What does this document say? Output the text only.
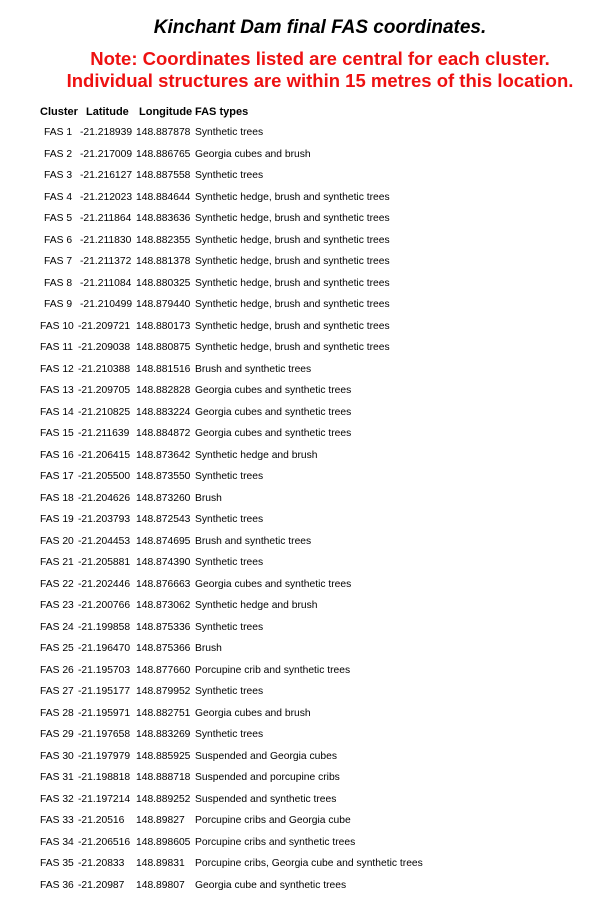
Kinchant Dam final FAS coordinates.
Note: Coordinates listed are central for each cluster.
Individual structures are within 15 metres of this location.
Cluster Latitude Longitude FAS types
FAS 1 -21.218939 148.887878 Synthetic trees
FAS 2 -21.217009 148.886765 Georgia cubes and brush
FAS 3 -21.216127 148.887558 Synthetic trees
FAS 4 -21.212023 148.884644 Synthetic hedge, brush and synthetic trees
FAS 5 -21.211864 148.883636 Synthetic hedge, brush and synthetic trees
FAS 6 -21.211830 148.882355 Synthetic hedge, brush and synthetic trees
FAS 7 -21.211372 148.881378 Synthetic hedge, brush and synthetic trees
FAS 8 -21.211084 148.880325 Synthetic hedge, brush and synthetic trees
FAS 9 -21.210499 148.879440 Synthetic hedge, brush and synthetic trees
FAS 10 -21.209721 148.880173 Synthetic hedge, brush and synthetic trees
FAS 11 -21.209038 148.880875 Synthetic hedge, brush and synthetic trees
FAS 12 -21.210388 148.881516 Brush and synthetic trees
FAS 13 -21.209705 148.882828 Georgia cubes and synthetic trees
FAS 14 -21.210825 148.883224 Georgia cubes and synthetic trees
FAS 15 -21.211639 148.884872 Georgia cubes and synthetic trees
FAS 16 -21.206415 148.873642 Synthetic hedge and brush
FAS 17 -21.205500 148.873550 Synthetic trees
FAS 18 -21.204626 148.873260 Brush
FAS 19 -21.203793 148.872543 Synthetic trees
FAS 20 -21.204453 148.874695 Brush and synthetic trees
FAS 21 -21.205881 148.874390 Synthetic trees
FAS 22 -21.202446 148.876663 Georgia cubes and synthetic trees
FAS 23 -21.200766 148.873062 Synthetic hedge and brush
FAS 24 -21.199858 148.875336 Synthetic trees
FAS 25 -21.196470 148.875366 Brush
FAS 26 -21.195703 148.877660 Porcupine crib and synthetic trees
FAS 27 -21.195177 148.879952 Synthetic trees
FAS 28 -21.195971 148.882751 Georgia cubes and brush
FAS 29 -21.197658 148.883269 Synthetic trees
FAS 30 -21.197979 148.885925 Suspended and Georgia cubes
FAS 31 -21.198818 148.888718 Suspended and porcupine cribs
FAS 32 -21.197214 148.889252 Suspended and synthetic trees
FAS 33 -21.20516 148.89827 Porcupine cribs and Georgia cube
FAS 34 -21.206516 148.898605 Porcupine cribs and synthetic trees
FAS 35 -21.20833 148.89831 Porcupine cribs, Georgia cube and synthetic trees
FAS 36 -21.20987 148.89807 Georgia cube and synthetic trees
